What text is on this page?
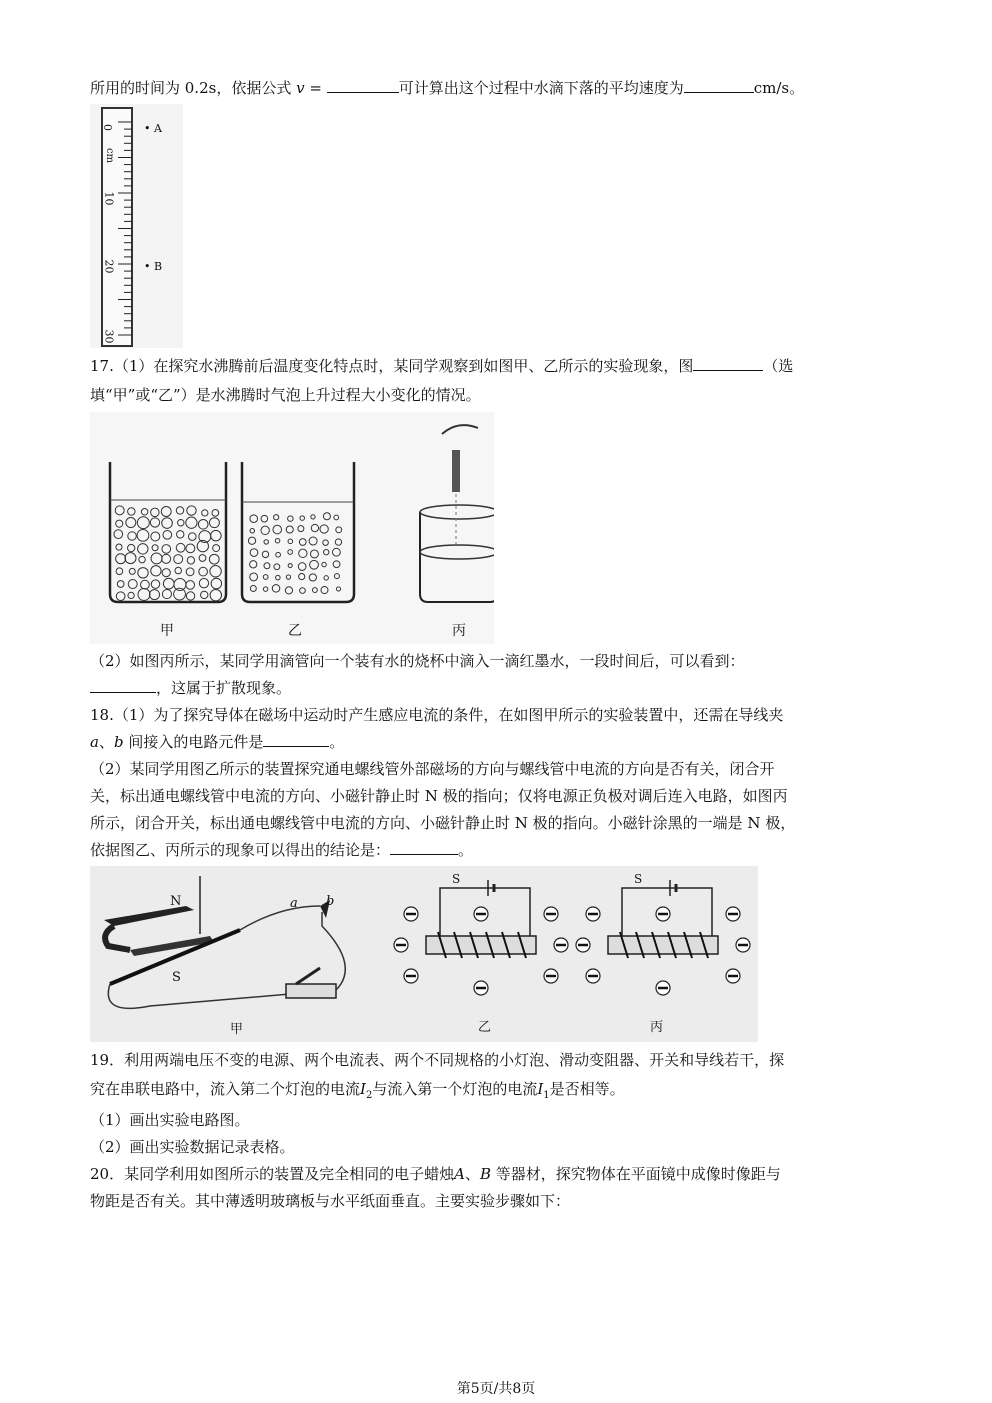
所用的时间为 0.2s，依据公式 v =	可计算出这个过程中水滴下落的平均速度为	cm/s。
0
10
20
30
cm
• A
• B
17.（1）在探究水沸腾前后温度变化特点时，某同学观察到如图甲、乙所示的实验现象，图	（选
填“甲”或“乙”）是水沸腾时气泡上升过程大小变化的情况。
甲	乙	丙
（2）如图丙所示，某同学用滴管向一个装有水的烧杯中滴入一滴红墨水，一段时间后，可以看到：
，这属于扩散现象。
18.（1）为了探究导体在磁场中运动时产生感应电流的条件，在如图甲所示的实验装置中，还需在导线夹
a、b 间接入的电路元件是	。
（2）某同学用图乙所示的装置探究通电螺线管外部磁场的方向与螺线管中电流的方向是否有关，闭合开
关，标出通电螺线管中电流的方向、小磁针静止时 N 极的指向；仅将电源正负极对调后连入电路，如图丙
所示，闭合开关，标出通电螺线管中电流的方向、小磁针静止时 N 极的指向。小磁针涂黑的一端是 N 极，
依据图乙、丙所示的现象可以得出的结论是：	。
N
S
a b
S	S
甲	乙	丙
19．利用两端电压不变的电源、两个电流表、两个不同规格的小灯泡、滑动变阻器、开关和导线若干，探
究在串联电路中，流入第二个灯泡的电流$I_2$与流入第一个灯泡的电流$I_1$是否相等。
（1）画出实验电路图。
（2）画出实验数据记录表格。
20．某同学利用如图所示的装置及完全相同的电子蜡烛A、B 等器材，探究物体在平面镜中成像时像距与
物距是否有关。其中薄透明玻璃板与水平纸面垂直。主要实验步骤如下：
第5页/共8页
